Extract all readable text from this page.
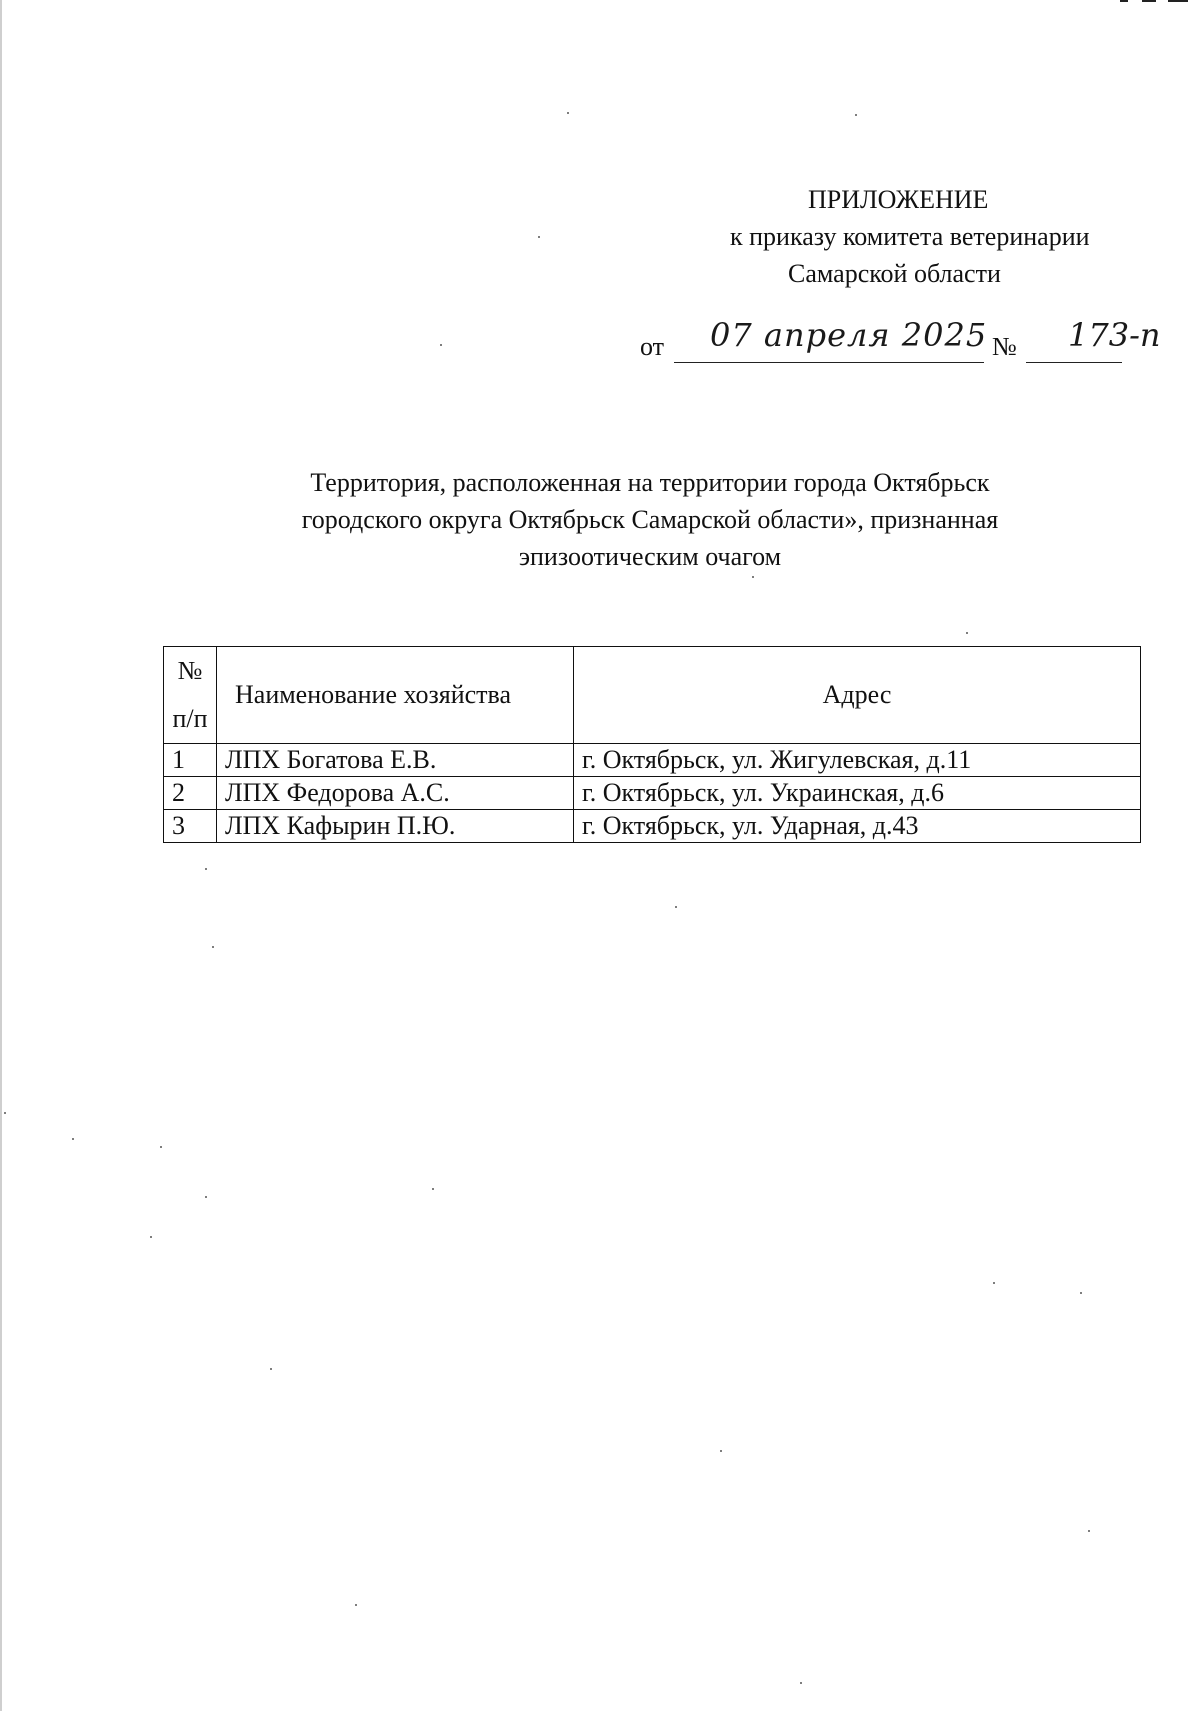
ПРИЛОЖЕНИЕ
к приказу комитета ветеринарии
Самарской области
от 07 апреля 2025 № 173-п
Территория, расположенная на территории города Октябрьск
городского округа Октябрьск Самарской области», признанная
эпизоотическим очагом
№
п/п	Наименование хозяйства	Адрес
1	ЛПХ Богатова Е.В.	г. Октябрьск, ул. Жигулевская, д.11
2	ЛПХ Федорова А.С.	г. Октябрьск, ул. Украинская, д.6
3	ЛПХ Кафырин П.Ю.	г. Октябрьск, ул. Ударная, д.43
